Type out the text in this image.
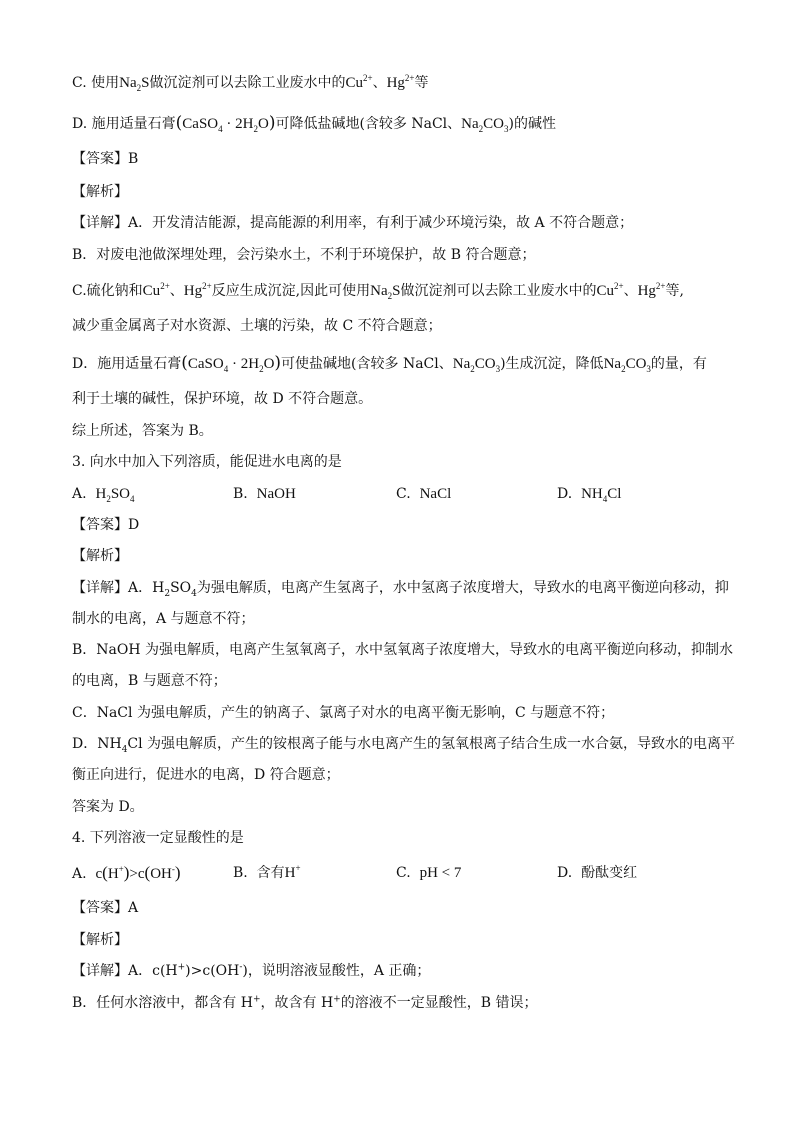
C. 使用$Na_2S$做沉淀剂可以去除工业废水中的$Cu^{2+}$、$Hg^{2+}$等
D. 施用适量石膏(CaSO$_4$ · $2H_2O$)可降低盐碱地(含较多 NaCl、$Na_2CO_3$)的碱性
【答案】B
【解析】
【详解】A．开发清洁能源，提高能源的利用率，有利于减少环境污染，故 A 不符合题意；
B．对废电池做深埋处理，会污染水土，不利于环境保护，故 B 符合题意；
C.硫化钠和$Cu^{2+}$、$Hg^{2+}$反应生成沉淀,因此可使用$Na_2S$做沉淀剂可以去除工业废水中的$Cu^{2+}$、$Hg^{2+}$等,
减少重金属离子对水资源、土壤的污染，故 C 不符合题意；
D．施用适量石膏(CaSO$_4$ · $2H_2O$)可使盐碱地(含较多 NaCl、$Na_2CO_3$)生成沉淀，降低$Na_2CO_3$的量，有
利于土壤的碱性，保护环境，故 D 不符合题意。
综上所述，答案为 B。
3. 向水中加入下列溶质，能促进水电离的是
A. $H_2SO_4$	B. NaOH	C. NaCl	D. $NH_4Cl$
【答案】D
【解析】
【详解】A．$H_2SO_4$为强电解质，电离产生氢离子，水中氢离子浓度增大，导致水的电离平衡逆向移动，抑
制水的电离，A 与题意不符；
B．NaOH 为强电解质，电离产生氢氧离子，水中氢氧离子浓度增大，导致水的电离平衡逆向移动，抑制水
的电离，B 与题意不符；
C．NaCl 为强电解质，产生的钠离子、氯离子对水的电离平衡无影响，C 与题意不符；
D．$NH_4Cl$ 为强电解质，产生的铵根离子能与水电离产生的氢氧根离子结合生成一水合氨，导致水的电离平
衡正向进行，促进水的电离，D 符合题意；
答案为 D。
4. 下列溶液一定显酸性的是
A. c(H+)>c(OH-)	B. 含有H+	C. pH < 7	D. 酚酞变红
【答案】A
【解析】
【详解】A．c(H+)>c(OH-)，说明溶液显酸性，A 正确；
B．任何水溶液中，都含有 H+，故含有 H+的溶液不一定显酸性，B 错误；
